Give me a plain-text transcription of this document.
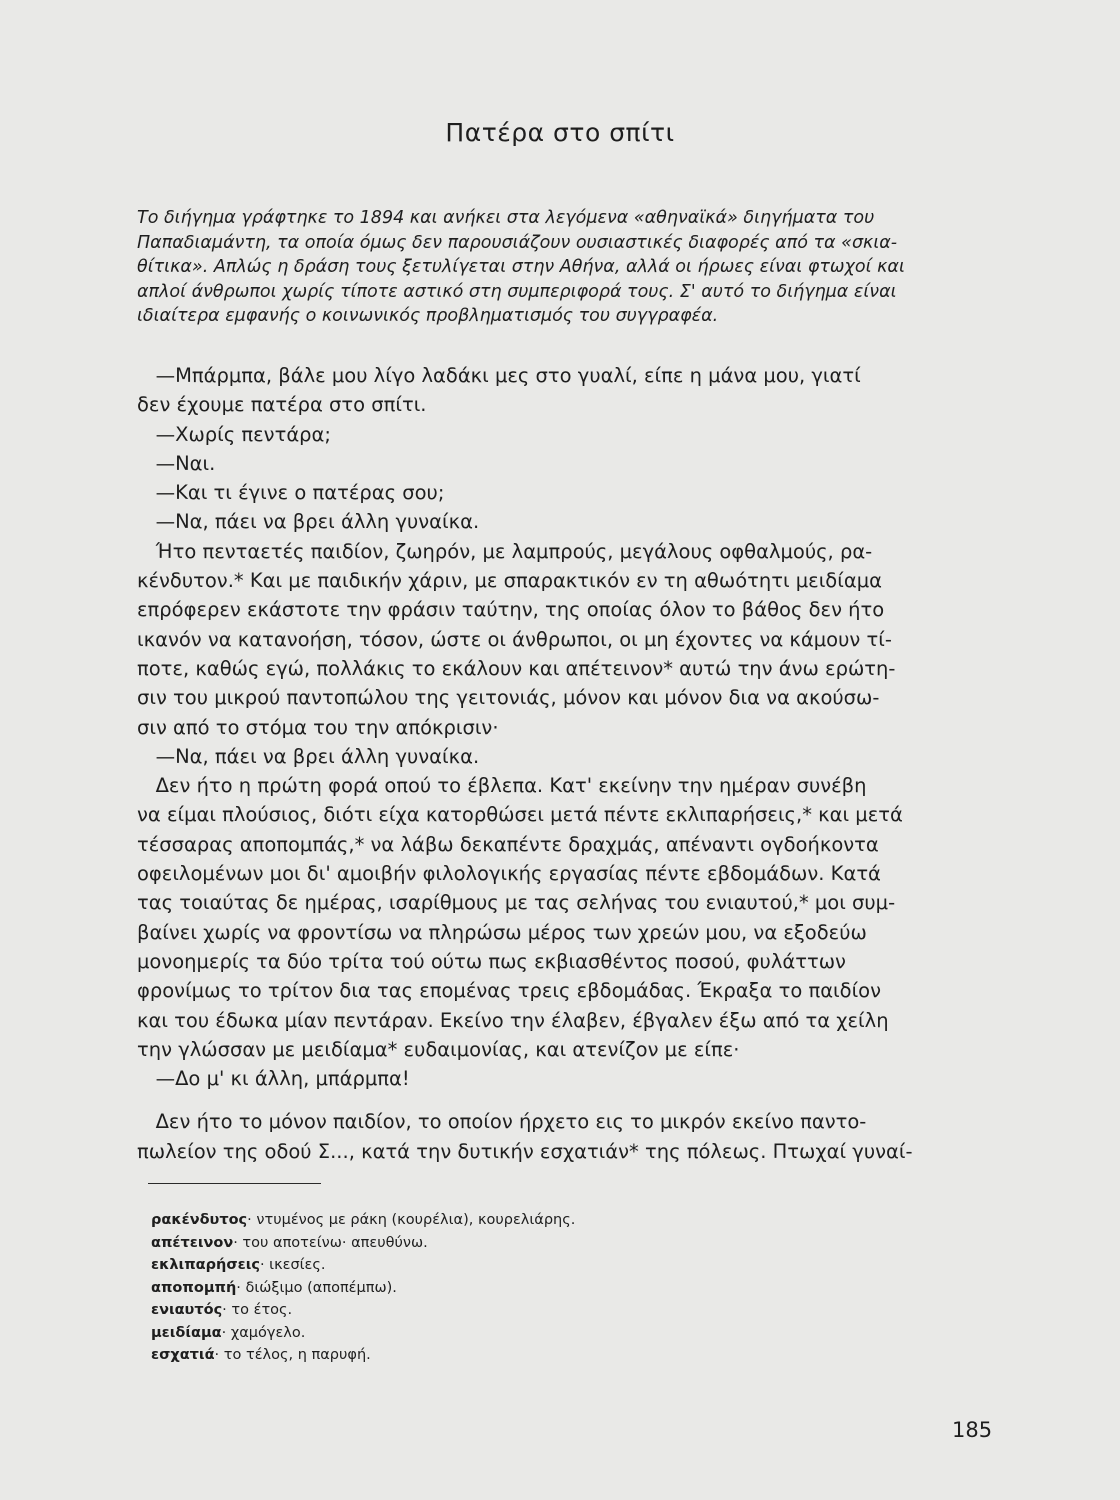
Πατέρα στο σπίτι
Το διήγημα γράφτηκε το 1894 και ανήκει στα λεγόμενα «αθηναϊκά» διηγήματα του
Παπαδιαμάντη, τα οποία όμως δεν παρουσιάζουν ουσιαστικές διαφορές από τα «σκια-
θίτικα». Απλώς η δράση τους ξετυλίγεται στην Αθήνα, αλλά οι ήρωες είναι φτωχοί και
απλοί άνθρωποι χωρίς τίποτε αστικό στη συμπεριφορά τους. Σ' αυτό το διήγημα είναι
ιδιαίτερα εμφανής ο κοινωνικός προβληματισμός του συγγραφέα.
—Μπάρμπα, βάλε μου λίγο λαδάκι μες στο γυαλί, είπε η μάνα μου, γιατί
δεν έχουμε πατέρα στο σπίτι.
—Χωρίς πεντάρα;
—Ναι.
—Και τι έγινε ο πατέρας σου;
—Να, πάει να βρει άλλη γυναίκα.
Ήτο πενταετές παιδίον, ζωηρόν, με λαμπρούς, μεγάλους οφθαλμούς, ρα-
κένδυτον.* Και με παιδικήν χάριν, με σπαρακτικόν εν τη αθωότητι μειδίαμα
επρόφερεν εκάστοτε την φράσιν ταύτην, της οποίας όλον το βάθος δεν ήτο
ικανόν να κατανοήση, τόσον, ώστε οι άνθρωποι, οι μη έχοντες να κάμουν τί-
ποτε, καθώς εγώ, πολλάκις το εκάλουν και απέτεινον* αυτώ την άνω ερώτη-
σιν του μικρού παντοπώλου της γειτονιάς, μόνον και μόνον δια να ακούσω-
σιν από το στόμα του την απόκρισιν·
—Να, πάει να βρει άλλη γυναίκα.
Δεν ήτο η πρώτη φορά οπού το έβλεπα. Κατ' εκείνην την ημέραν συνέβη
να είμαι πλούσιος, διότι είχα κατορθώσει μετά πέντε εκλιπαρήσεις,* και μετά
τέσσαρας αποπομπάς,* να λάβω δεκαπέντε δραχμάς, απέναντι ογδοήκοντα
οφειλομένων μοι δι' αμοιβήν φιλολογικής εργασίας πέντε εβδομάδων. Κατά
τας τοιαύτας δε ημέρας, ισαρίθμους με τας σελήνας του ενιαυτού,* μοι συμ-
βαίνει χωρίς να φροντίσω να πληρώσω μέρος των χρεών μου, να εξοδεύω
μονοημερίς τα δύο τρίτα τού ούτω πως εκβιασθέντος ποσού, φυλάττων
φρονίμως το τρίτον δια τας επομένας τρεις εβδομάδας. Έκραξα το παιδίον
και του έδωκα μίαν πεντάραν. Εκείνο την έλαβεν, έβγαλεν έξω από τα χείλη
την γλώσσαν με μειδίαμα* ευδαιμονίας, και ατενίζον με είπε·
—Δο μ' κι άλλη, μπάρμπα!
Δεν ήτο το μόνον παιδίον, το οποίον ήρχετο εις το μικρόν εκείνο παντο-
πωλείον της οδού Σ..., κατά την δυτικήν εσχατιάν* της πόλεως. Πτωχαί γυναί-
ρακένδυτος· ντυμένος με ράκη (κουρέλια), κουρελιάρης.
απέτεινον· του αποτείνω· απευθύνω.
εκλιπαρήσεις· ικεσίες.
αποπομπή· διώξιμο (αποπέμπω).
ενιαυτός· το έτος.
μειδίαμα· χαμόγελο.
εσχατιά· το τέλος, η παρυφή.
185
